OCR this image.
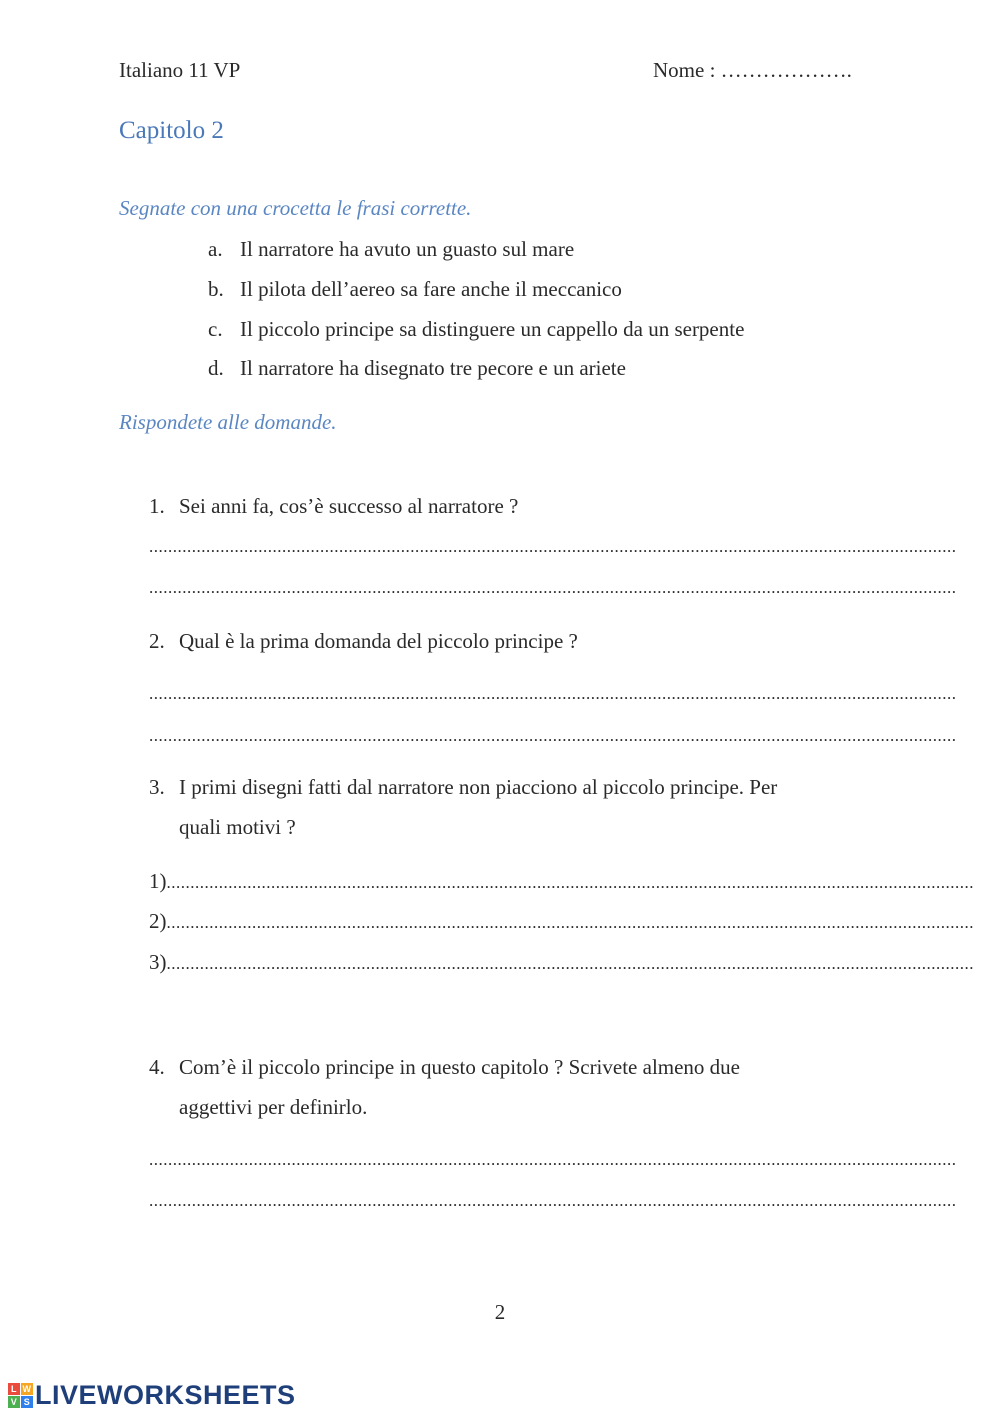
Italiano 11 VP	Nome : ……………….
Capitolo 2
Segnate con una crocetta le frasi corrette.
a. Il narratore ha avuto un guasto sul mare
b. Il pilota dell’aereo sa fare anche il meccanico
c. Il piccolo principe sa distinguere un cappello da un serpente
d. Il narratore ha disegnato tre pecore e un ariete
Rispondete alle domande.
1. Sei anni fa, cos’è successo al narratore ?
..........................................................................................................................................................................
..........................................................................................................................................................................
2. Qual è la prima domanda del piccolo principe ?
..........................................................................................................................................................................
..........................................................................................................................................................................
3. I primi disegni fatti dal narratore non piacciono al piccolo principe. Per
quali motivi ?
1)..........................................................................................................................................................................
2)..........................................................................................................................................................................
3)..........................................................................................................................................................................
4. Com’è il piccolo principe in questo capitolo ? Scrivete almeno due
aggettivi per definirlo.
..........................................................................................................................................................................
..........................................................................................................................................................................
2
L W
V S LIVEWORKSHEETS
